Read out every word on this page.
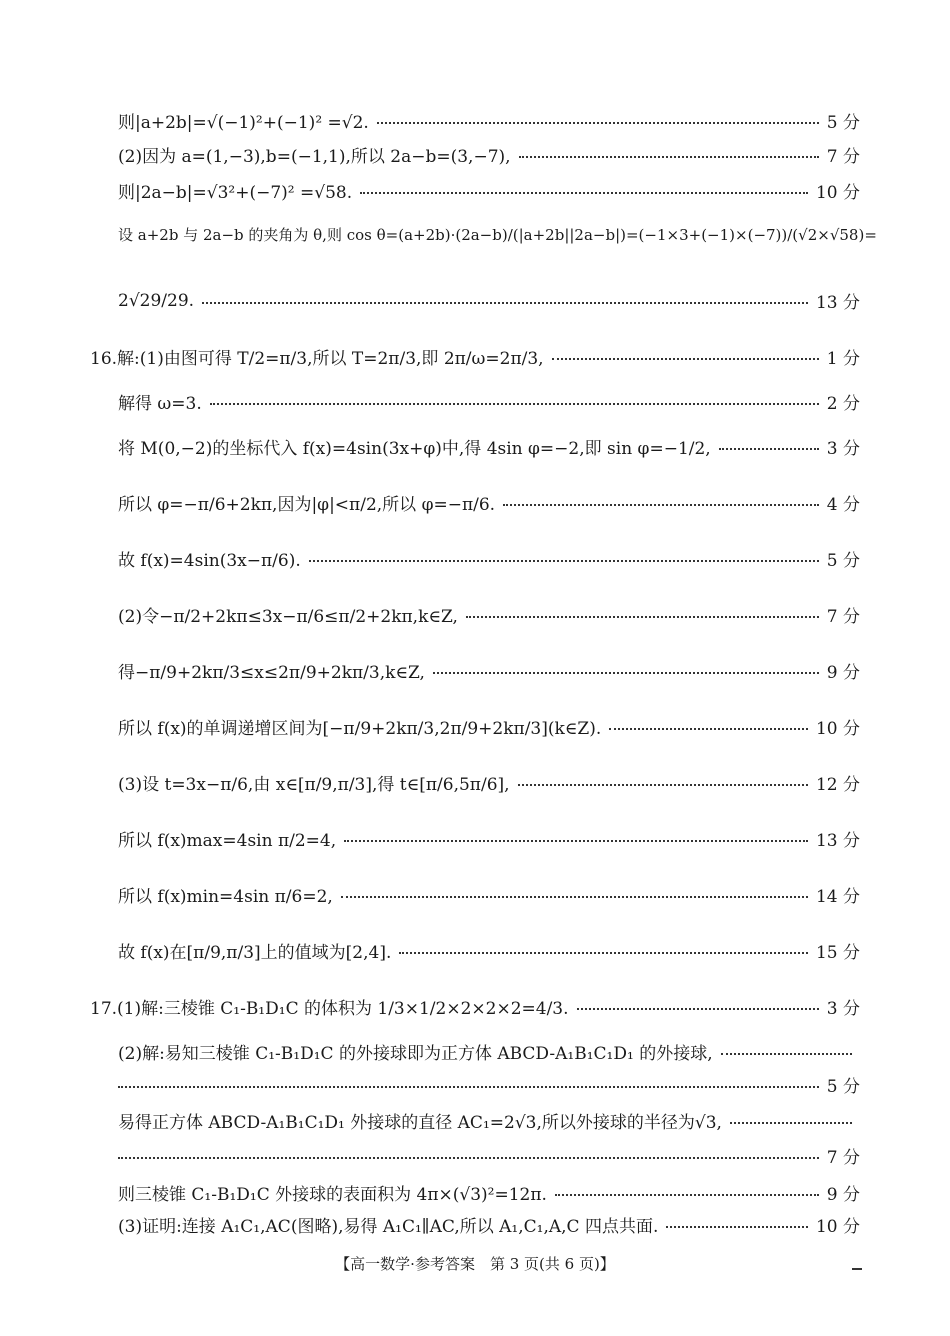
则|a+2b|=√(−1)²+(−1)² =√2.	5 分
(2)因为 a=(1,−3),b=(−1,1),所以 2a−b=(3,−7),	7 分
则|2a−b|=√3²+(−7)² =√58.	10 分
设 a+2b 与 2a−b 的夹角为 θ,则 cos θ=(a+2b)·(2a−b)/(|a+2b||2a−b|)=(−1×3+(−1)×(−7))/(√2×√58)=
2√29/29.	13 分
16.解:(1)由图可得 T/2=π/3,所以 T=2π/3,即 2π/ω=2π/3,	1 分
解得 ω=3.	2 分
将 M(0,−2)的坐标代入 f(x)=4sin(3x+φ)中,得 4sin φ=−2,即 sin φ=−1/2,	3 分
所以 φ=−π/6+2kπ,因为|φ|<π/2,所以 φ=−π/6.	4 分
故 f(x)=4sin(3x−π/6).	5 分
(2)令−π/2+2kπ≤3x−π/6≤π/2+2kπ,k∈Z,	7 分
得−π/9+2kπ/3≤x≤2π/9+2kπ/3,k∈Z,	9 分
所以 f(x)的单调递增区间为[−π/9+2kπ/3,2π/9+2kπ/3](k∈Z).	10 分
(3)设 t=3x−π/6,由 x∈[π/9,π/3],得 t∈[π/6,5π/6],	12 分
所以 f(x)max=4sin π/2=4,	13 分
所以 f(x)min=4sin π/6=2,	14 分
故 f(x)在[π/9,π/3]上的值域为[2,4].	15 分
17.(1)解:三棱锥 C₁-B₁D₁C 的体积为 1/3×1/2×2×2×2=4/3.	3 分
(2)解:易知三棱锥 C₁-B₁D₁C 的外接球即为正方体 ABCD-A₁B₁C₁D₁ 的外接球,
5 分
易得正方体 ABCD-A₁B₁C₁D₁ 外接球的直径 AC₁=2√3,所以外接球的半径为√3,
7 分
则三棱锥 C₁-B₁D₁C 外接球的表面积为 4π×(√3)²=12π.	9 分
(3)证明:连接 A₁C₁,AC(图略),易得 A₁C₁∥AC,所以 A₁,C₁,A,C 四点共面.	10 分
【高一数学·参考答案　第 3 页(共 6 页)】
